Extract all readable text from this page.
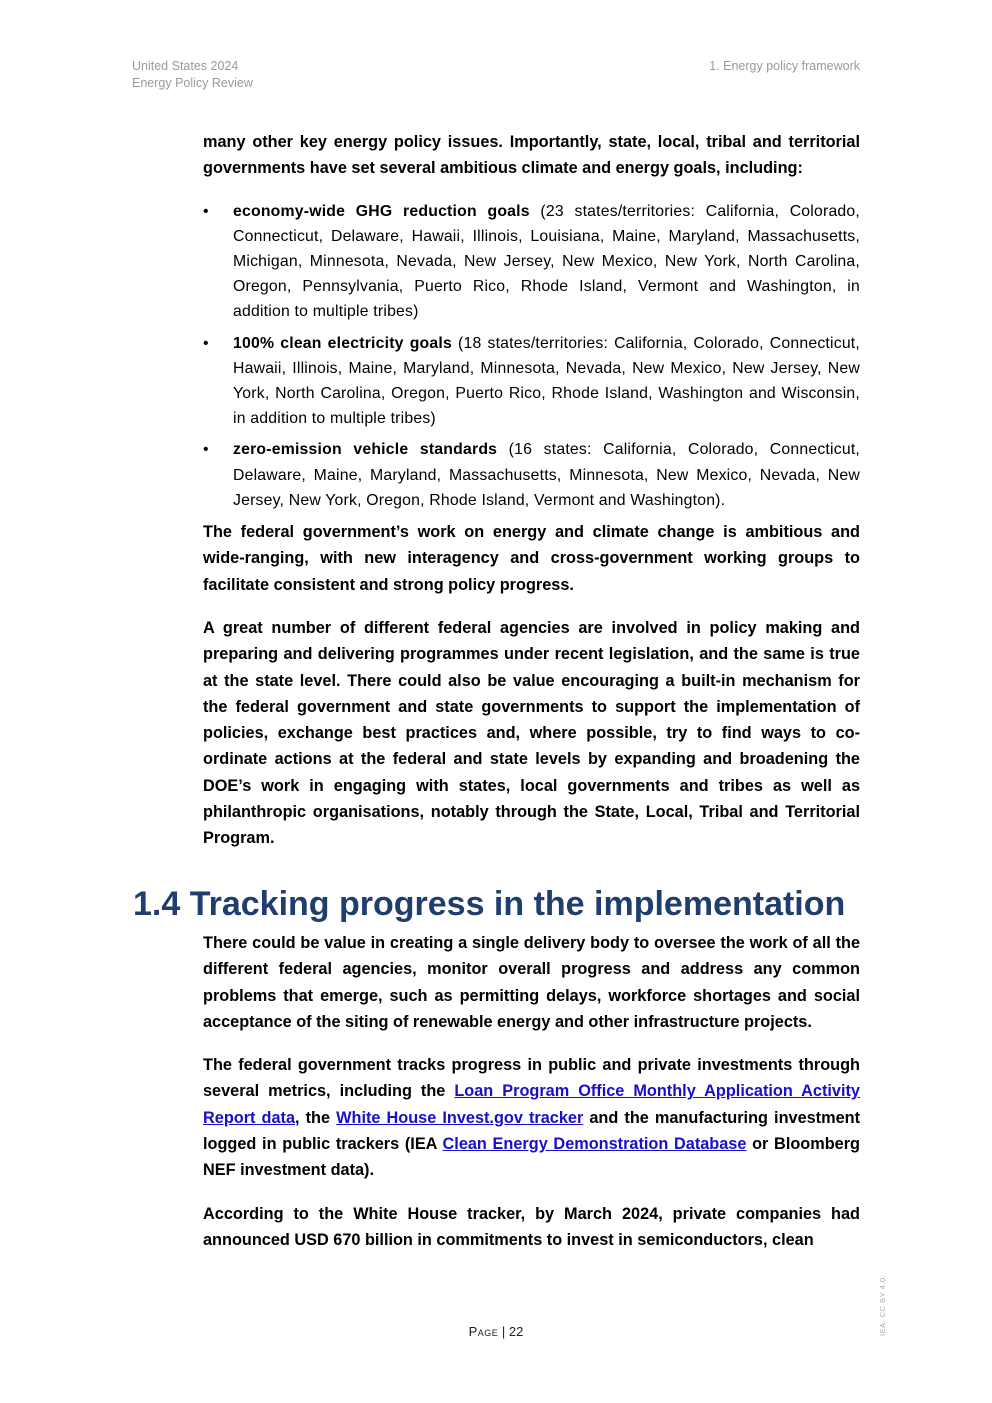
United States 2024
Energy Policy Review
1. Energy policy framework

many other key energy policy issues. Importantly, state, local, tribal and territorial governments have set several ambitious climate and energy goals, including:

• economy-wide GHG reduction goals (23 states/territories: California, Colorado, Connecticut, Delaware, Hawaii, Illinois, Louisiana, Maine, Maryland, Massachusetts, Michigan, Minnesota, Nevada, New Jersey, New Mexico, New York, North Carolina, Oregon, Pennsylvania, Puerto Rico, Rhode Island, Vermont and Washington, in addition to multiple tribes)
• 100% clean electricity goals (18 states/territories: California, Colorado, Connecticut, Hawaii, Illinois, Maine, Maryland, Minnesota, Nevada, New Mexico, New Jersey, New York, North Carolina, Oregon, Puerto Rico, Rhode Island, Washington and Wisconsin, in addition to multiple tribes)
• zero-emission vehicle standards (16 states: California, Colorado, Connecticut, Delaware, Maine, Maryland, Massachusetts, Minnesota, New Mexico, Nevada, New Jersey, New York, Oregon, Rhode Island, Vermont and Washington).

The federal government’s work on energy and climate change is ambitious and wide-ranging, with new interagency and cross-government working groups to facilitate consistent and strong policy progress.

A great number of different federal agencies are involved in policy making and preparing and delivering programmes under recent legislation, and the same is true at the state level. There could also be value encouraging a built-in mechanism for the federal government and state governments to support the implementation of policies, exchange best practices and, where possible, try to find ways to co-ordinate actions at the federal and state levels by expanding and broadening the DOE’s work in engaging with states, local governments and tribes as well as philanthropic organisations, notably through the State, Local, Tribal and Territorial Program.

1.4 Tracking progress in the implementation

There could be value in creating a single delivery body to oversee the work of all the different federal agencies, monitor overall progress and address any common problems that emerge, such as permitting delays, workforce shortages and social acceptance of the siting of renewable energy and other infrastructure projects.

The federal government tracks progress in public and private investments through several metrics, including the Loan Program Office Monthly Application Activity Report data, the White House Invest.gov tracker and the manufacturing investment logged in public trackers (IEA Clean Energy Demonstration Database or Bloomberg NEF investment data).

According to the White House tracker, by March 2024, private companies had announced USD 670 billion in commitments to invest in semiconductors, clean

Page | 22	IEA. CC BY 4.0.
